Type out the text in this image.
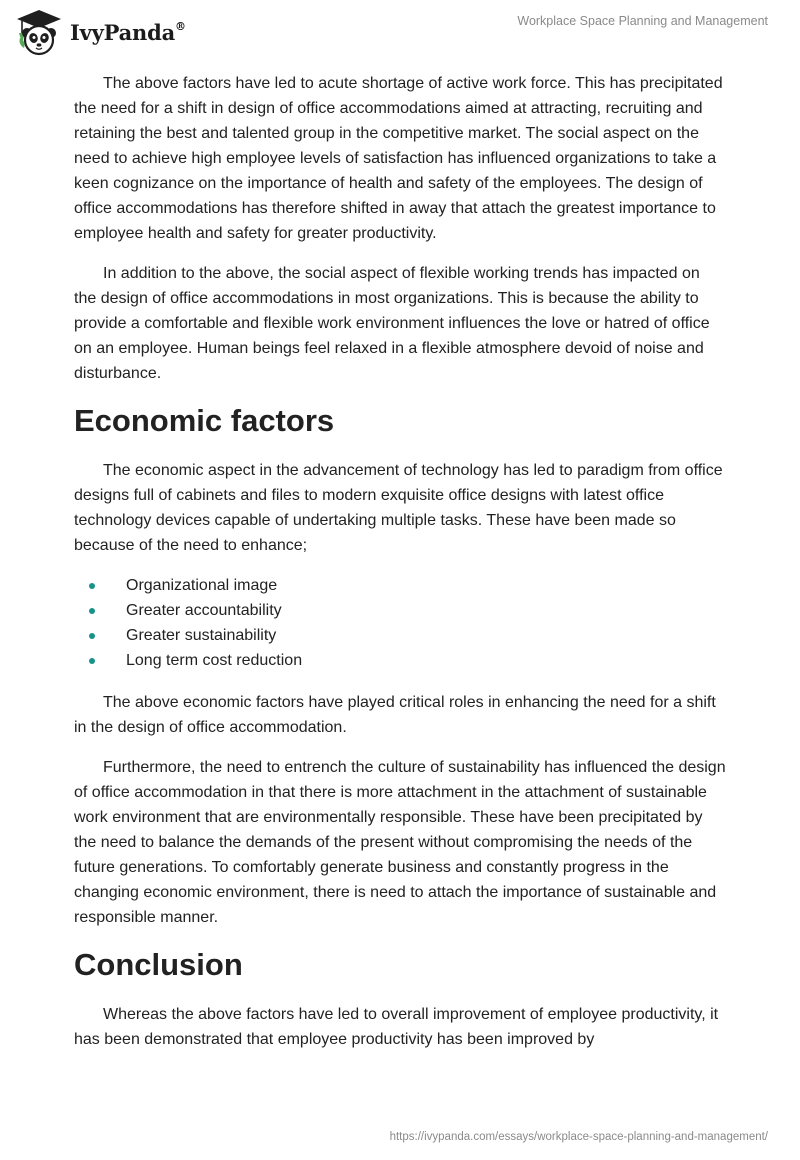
IvyPanda®	Workplace Space Planning and Management

The above factors have led to acute shortage of active work force. This has precipitated the need for a shift in design of office accommodations aimed at attracting, recruiting and retaining the best and talented group in the competitive market. The social aspect on the need to achieve high employee levels of satisfaction has influenced organizations to take a keen cognizance on the importance of health and safety of the employees. The design of office accommodations has therefore shifted in away that attach the greatest importance to employee health and safety for greater productivity.

In addition to the above, the social aspect of flexible working trends has impacted on the design of office accommodations in most organizations. This is because the ability to provide a comfortable and flexible work environment influences the love or hatred of office on an employee. Human beings feel relaxed in a flexible atmosphere devoid of noise and disturbance.

Economic factors

The economic aspect in the advancement of technology has led to paradigm from office designs full of cabinets and files to modern exquisite office designs with latest office technology devices capable of undertaking multiple tasks. These have been made so because of the need to enhance;

Organizational image
Greater accountability
Greater sustainability
Long term cost reduction

The above economic factors have played critical roles in enhancing the need for a shift in the design of office accommodation.

Furthermore, the need to entrench the culture of sustainability has influenced the design of office accommodation in that there is more attachment in the attachment of sustainable work environment that are environmentally responsible. These have been precipitated by the need to balance the demands of the present without compromising the needs of the future generations. To comfortably generate business and constantly progress in the changing economic environment, there is need to attach the importance of sustainable and responsible manner.

Conclusion

Whereas the above factors have led to overall improvement of employee productivity, it has been demonstrated that employee productivity has been improved by

https://ivypanda.com/essays/workplace-space-planning-and-management/
